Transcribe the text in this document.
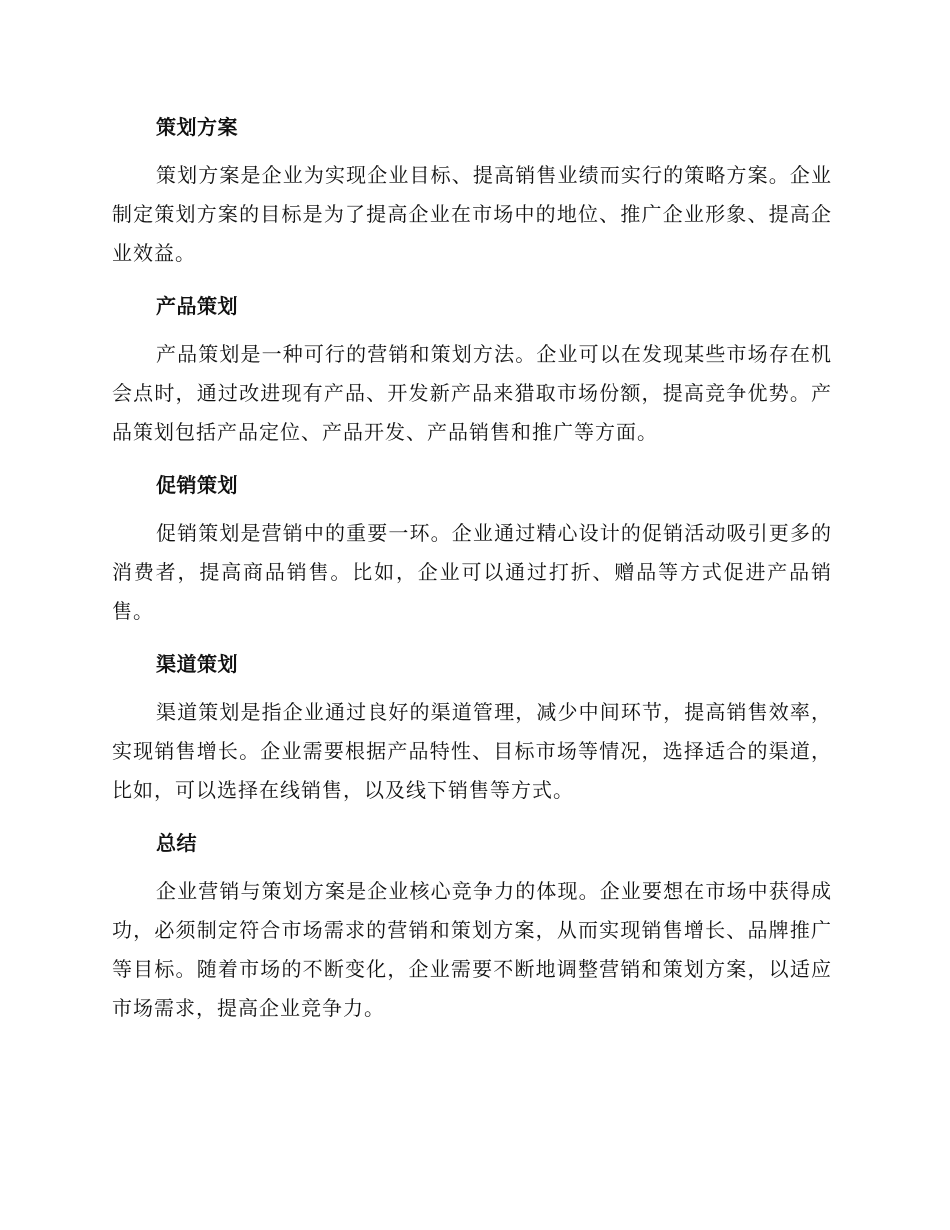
策划方案

策划方案是企业为实现企业目标、提高销售业绩而实行的策略方案。企业制定策划方案的目标是为了提高企业在市场中的地位、推广企业形象、提高企业效益。

产品策划

产品策划是一种可行的营销和策划方法。企业可以在发现某些市场存在机会点时，通过改进现有产品、开发新产品来猎取市场份额，提高竞争优势。产品策划包括产品定位、产品开发、产品销售和推广等方面。

促销策划

促销策划是营销中的重要一环。企业通过精心设计的促销活动吸引更多的消费者，提高商品销售。比如，企业可以通过打折、赠品等方式促进产品销售。

渠道策划

渠道策划是指企业通过良好的渠道管理，减少中间环节，提高销售效率，实现销售增长。企业需要根据产品特性、目标市场等情况，选择适合的渠道，比如，可以选择在线销售，以及线下销售等方式。

总结

企业营销与策划方案是企业核心竞争力的体现。企业要想在市场中获得成功，必须制定符合市场需求的营销和策划方案，从而实现销售增长、品牌推广等目标。随着市场的不断变化，企业需要不断地调整营销和策划方案，以适应市场需求，提高企业竞争力。
